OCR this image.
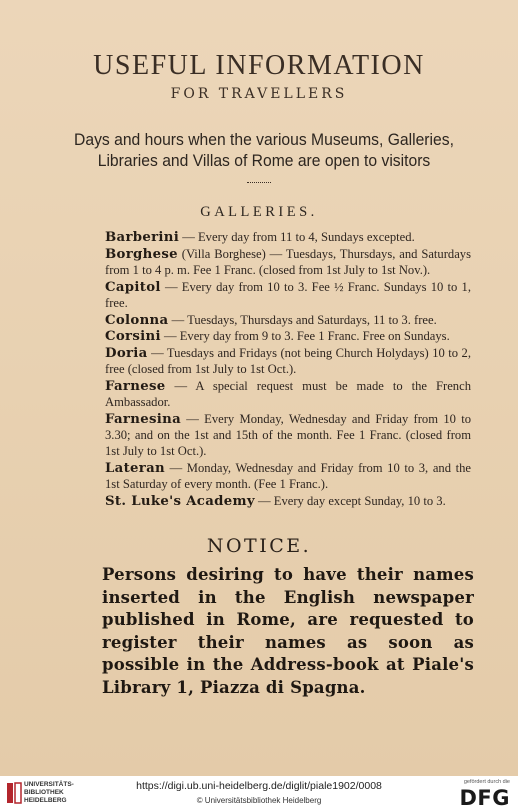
USEFUL INFORMATION
FOR TRAVELLERS
Days and hours when the various Museums, Galleries, Libraries and Villas of Rome are open to visitors
GALLERIES.
Barberini — Every day from 11 to 4, Sundays excepted.
Borghese (Villa Borghese) — Tuesdays, Thursdays, and Saturdays from 1 to 4 p. m. Fee 1 Franc. (closed from 1st July to 1st Nov.).
Capitol — Every day from 10 to 3. Fee ½ Franc. Sundays 10 to 1, free.
Colonna — Tuesdays, Thursdays and Saturdays, 11 to 3. free.
Corsini — Every day from 9 to 3. Fee 1 Franc. Free on Sundays.
Doria — Tuesdays and Fridays (not being Church Holydays) 10 to 2, free (closed from 1st July to 1st Oct.).
Farnese — A special request must be made to the French Ambassador.
Farnesina — Every Monday, Wednesday and Friday from 10 to 3.30; and on the 1st and 15th of the month. Fee 1 Franc. (closed from 1st July to 1st Oct.).
Lateran — Monday, Wednesday and Friday from 10 to 3, and the 1st Saturday of every month. (Fee 1 Franc.).
St. Luke's Academy — Every day except Sunday, 10 to 3.
NOTICE.
Persons desiring to have their names inserted in the English newspaper published in Rome, are requested to register their names as soon as possible in the Address-book at Piale's Library 1, Piazza di Spagna.
UNIVERSITÄTS-
BIBLIOTHEK
HEIDELBERG
https://digi.ub.uni-heidelberg.de/diglit/piale1902/0008
© Universitätsbibliothek Heidelberg
gefördert durch die
DFG
